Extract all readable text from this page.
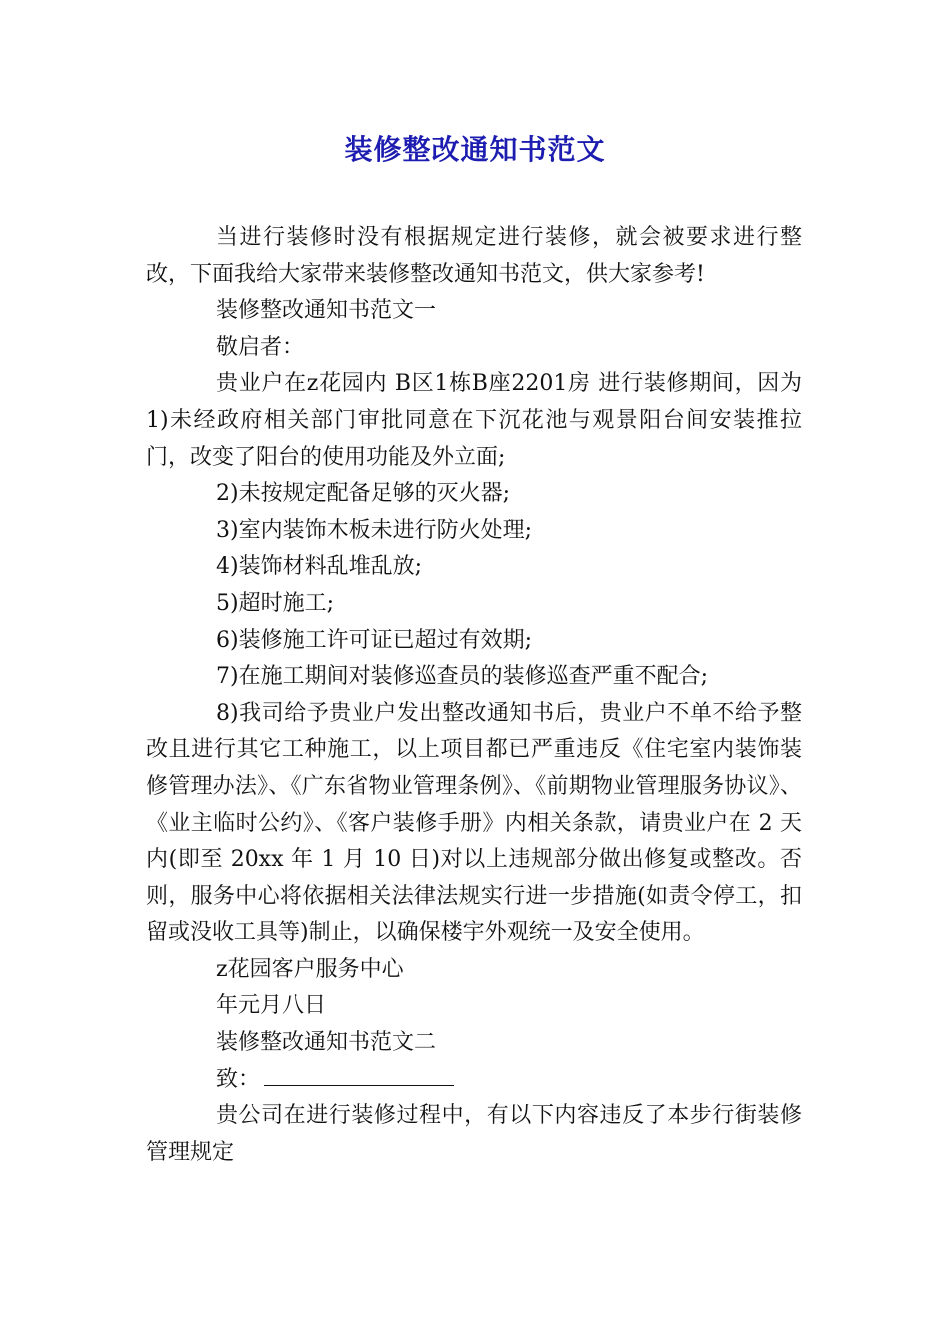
装修整改通知书范文

当进行装修时没有根据规定进行装修，就会被要求进行整改，下面我给大家带来装修整改通知书范文，供大家参考!

装修整改通知书范文一

敬启者：

贵业户在z花园内 B区1栋B座2201房 进行装修期间，因为 1)未经政府相关部门审批同意在下沉花池与观景阳台间安装推拉门，改变了阳台的使用功能及外立面;

2)未按规定配备足够的灭火器;

3)室内装饰木板未进行防火处理;

4)装饰材料乱堆乱放;

5)超时施工;

6)装修施工许可证已超过有效期;

7)在施工期间对装修巡查员的装修巡查严重不配合;

8)我司给予贵业户发出整改通知书后，贵业户不单不给予整改且进行其它工种施工，以上项目都已严重违反《住宅室内装饰装修管理办法》、《广东省物业管理条例》、《前期物业管理服务协议》、《业主临时公约》、《客户装修手册》内相关条款，请贵业户在 2 天内(即至 20xx 年 1 月 10 日)对以上违规部分做出修复或整改。否则，服务中心将依据相关法律法规实行进一步措施(如责令停工，扣留或没收工具等)制止，以确保楼宇外观统一及安全使用。

z花园客户服务中心

年元月八日

装修整改通知书范文二

致：

贵公司在进行装修过程中，有以下内容违反了本步行街装修管理规定
